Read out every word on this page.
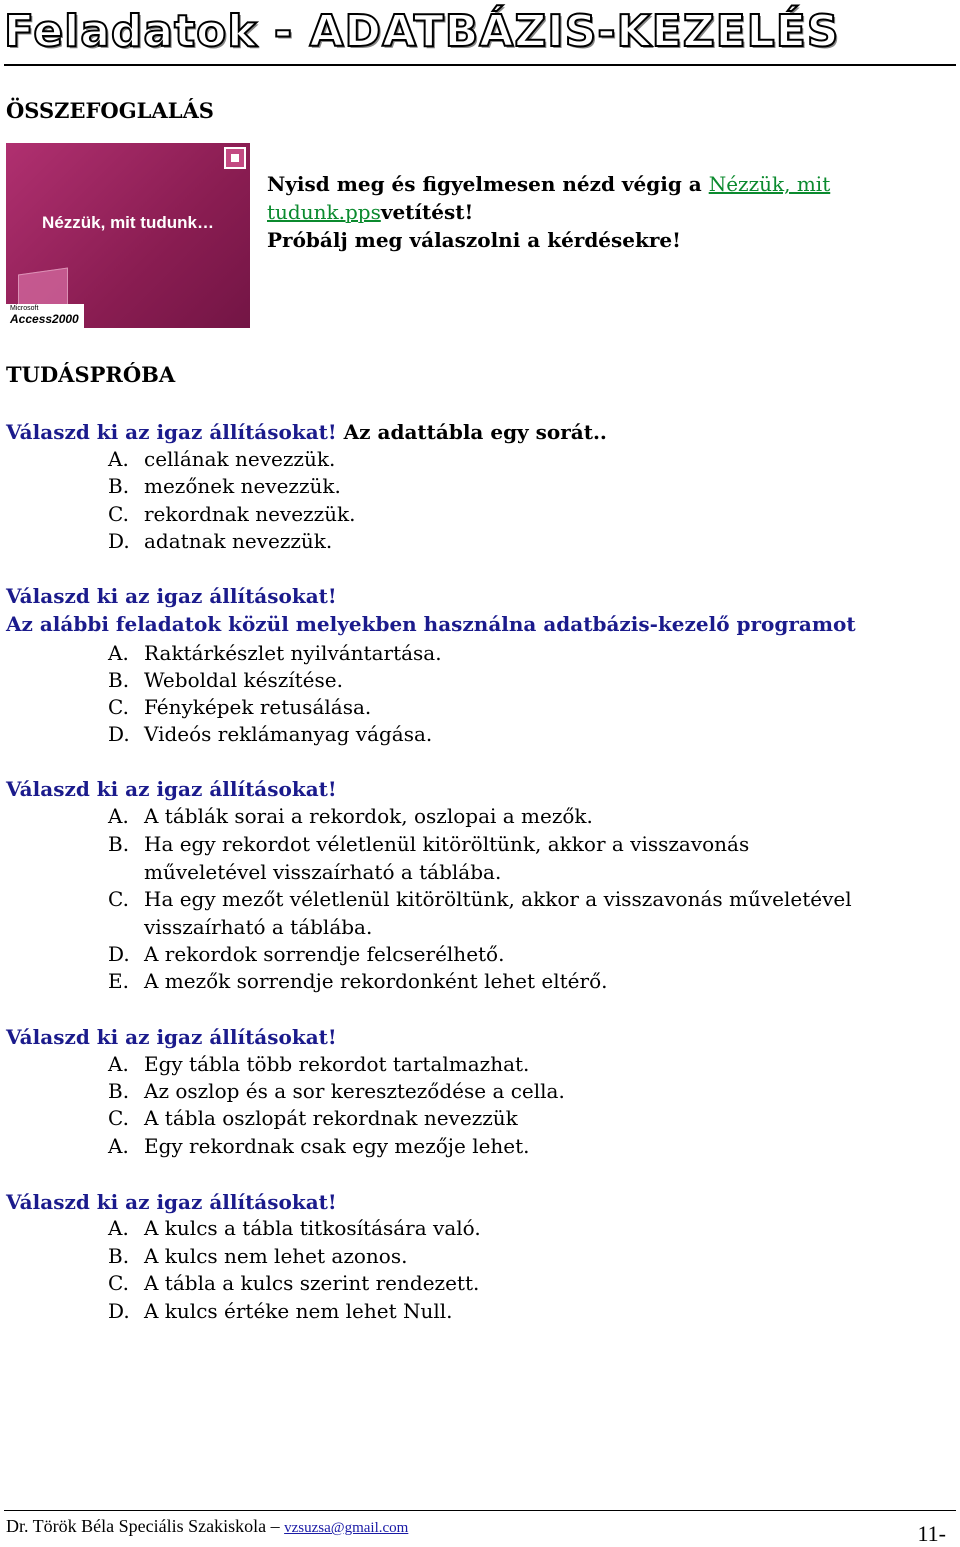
Feladatok - ADATBÁZIS-KEZELÉS
ÖSSZEFOGLALÁS
Nézzük, mit tudunk…
Microsoft
Access2000
Nyisd meg és figyelmesen nézd végig a Nézzük, mit tudunk.ppsvetítést!
Próbálj meg válaszolni a kérdésekre!
TUDÁSPRÓBA
Válaszd ki az igaz állításokat! Az adattábla egy sorát..
A. cellának nevezzük.
B. mezőnek nevezzük.
C. rekordnak nevezzük.
D. adatnak nevezzük.
Válaszd ki az igaz állításokat!
Az alábbi feladatok közül melyekben használna adatbázis-kezelő programot
A. Raktárkészlet nyilvántartása.
B. Weboldal készítése.
C. Fényképek retusálása.
D. Videós reklámanyag vágása.
Válaszd ki az igaz állításokat!
A. A táblák sorai a rekordok, oszlopai a mezők.
B. Ha egy rekordot véletlenül kitöröltünk, akkor a visszavonás műveletével visszaírható a táblába.
C. Ha egy mezőt véletlenül kitöröltünk, akkor a visszavonás műveletével visszaírható a táblába.
D. A rekordok sorrendje felcserélhető.
E. A mezők sorrendje rekordonként lehet eltérő.
Válaszd ki az igaz állításokat!
A. Egy tábla több rekordot tartalmazhat.
B. Az oszlop és a sor kereszteződése a cella.
C. A tábla oszlopát rekordnak nevezzük
A. Egy rekordnak csak egy mezője lehet.
Válaszd ki az igaz állításokat!
A. A kulcs a tábla titkosítására való.
B. A kulcs nem lehet azonos.
C. A tábla a kulcs szerint rendezett.
D. A kulcs értéke nem lehet Null.
Dr. Török Béla Speciális Szakiskola – vzsuzsa@gmail.com	11-
